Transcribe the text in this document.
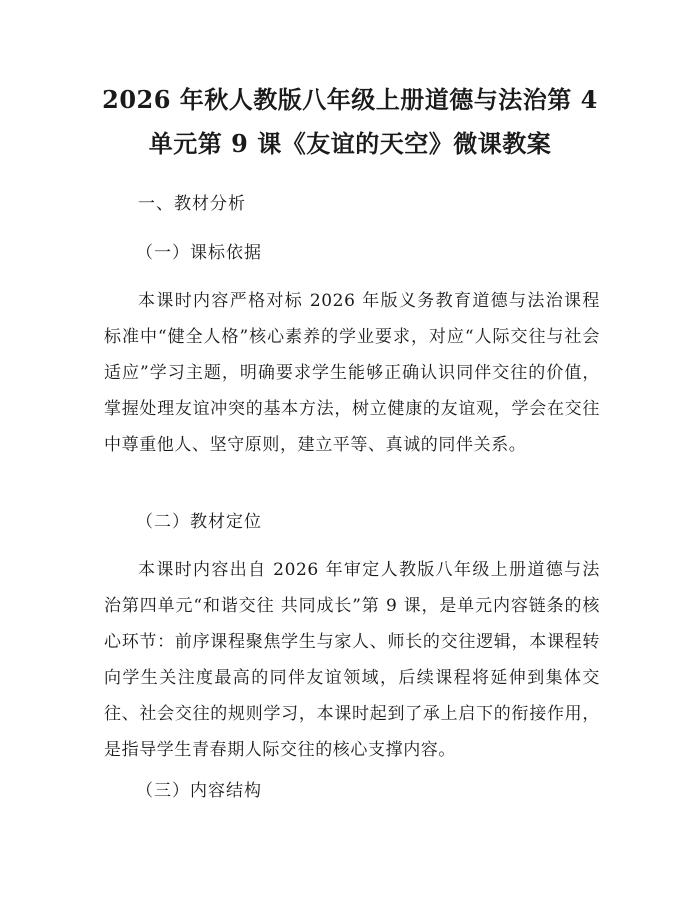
2026 年秋人教版八年级上册道德与法治第 4 单元第 9 课《友谊的天空》微课教案
一、教材分析
（一）课标依据
本课时内容严格对标 2026 年版义务教育道德与法治课程标准中“健全人格”核心素养的学业要求，对应“人际交往与社会适应”学习主题，明确要求学生能够正确认识同伴交往的价值，掌握处理友谊冲突的基本方法，树立健康的友谊观，学会在交往中尊重他人、坚守原则，建立平等、真诚的同伴关系。
（二）教材定位
本课时内容出自 2026 年审定人教版八年级上册道德与法治第四单元“和谐交往 共同成长”第 9 课，是单元内容链条的核心环节：前序课程聚焦学生与家人、师长的交往逻辑，本课程转向学生关注度最高的同伴友谊领域，后续课程将延伸到集体交往、社会交往的规则学习，本课时起到了承上启下的衔接作用，是指导学生青春期人际交往的核心支撑内容。
（三）内容结构
